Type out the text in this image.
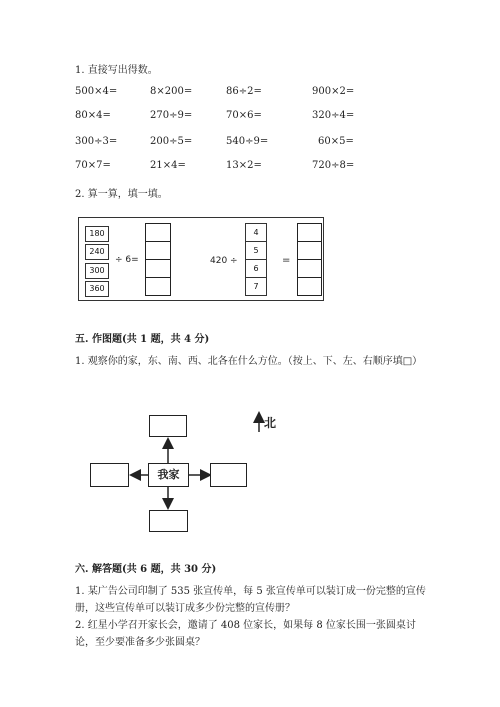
1. 直接写出得数。
500×4=	8×200=	86÷2=	900×2=
80×4=	270÷9=	70×6=	320÷4=
300÷3=	200÷5=	540÷9=	60×5=
70×7=	21×4=	13×2=	720÷8=
2. 算一算，填一填。
180
240
300
360
÷ 6=	420 ÷
4
5
6
7
=
五. 作图题(共 1 题，共 4 分)
1. 观察你的家，东、南、西、北各在什么方位。（按上、下、左、右顺序填□）
我家
北
六. 解答题(共 6 题，共 30 分)
1. 某广告公司印制了 535 张宣传单，每 5 张宣传单可以装订成一份完整的宣传册，这些宣传单可以装订成多少份完整的宣传册？
2. 红星小学召开家长会，邀请了 408 位家长，如果每 8 位家长围一张圆桌讨论，至少要准备多少张圆桌？
